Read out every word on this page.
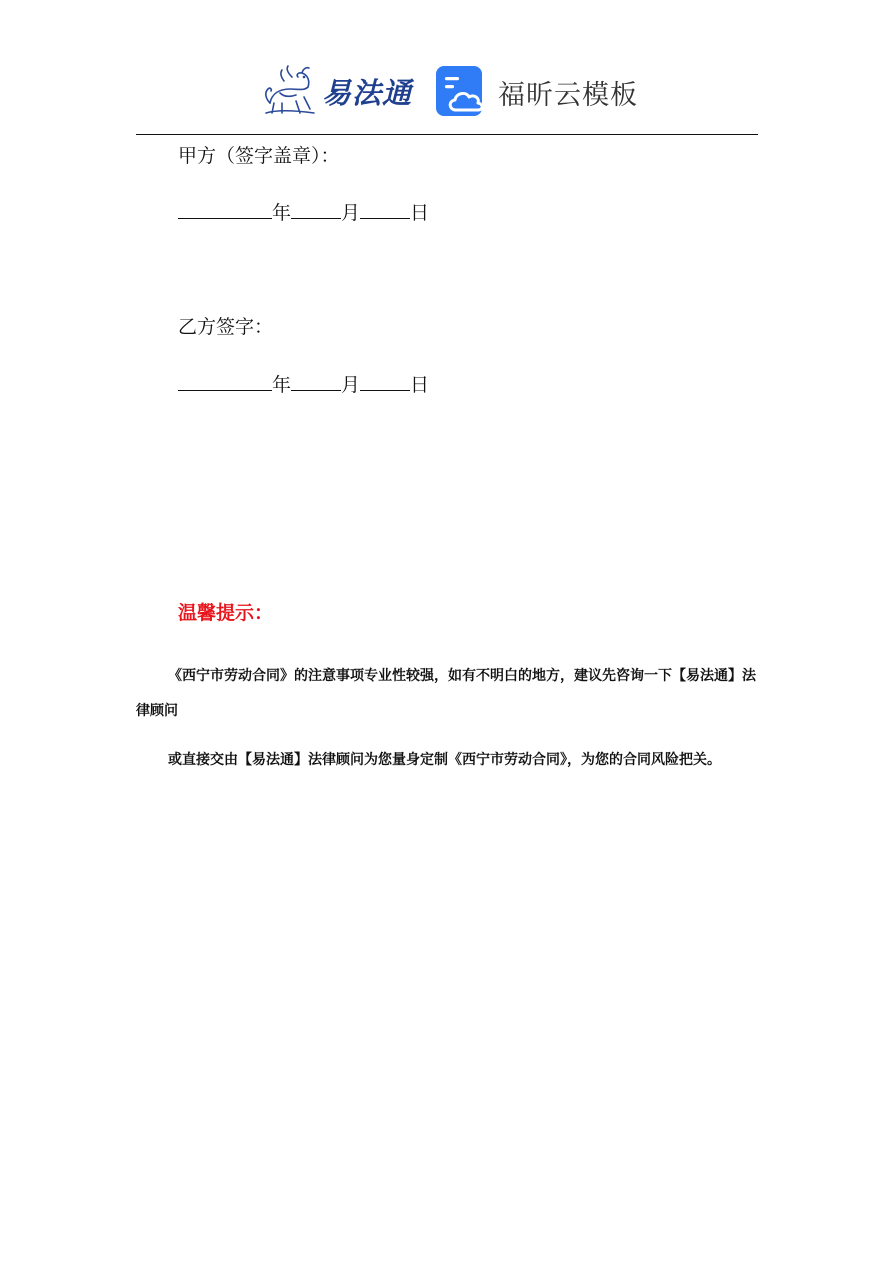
易法通	福昕云模板
甲方（签字盖章）：
年	月	日
乙方签字：
年	月	日
温馨提示：
《西宁市劳动合同》的注意事项专业性较强，如有不明白的地方，建议先咨询一下【易法通】法律顾问
或直接交由【易法通】法律顾问为您量身定制《西宁市劳动合同》，为您的合同风险把关。
